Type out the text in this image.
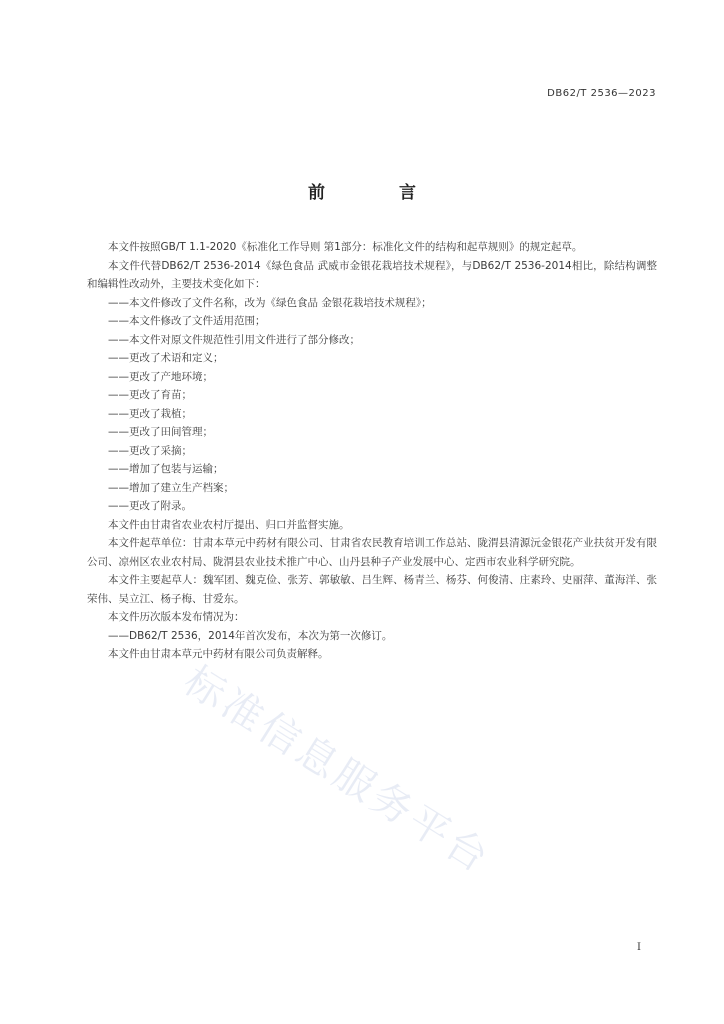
DB62/T 2536—2023
前 言

本文件按照GB/T 1.1-2020《标准化工作导则 第1部分：标准化文件的结构和起草规则》的规定起草。

本文件代替DB62/T 2536-2014《绿色食品 武威市金银花栽培技术规程》，与DB62/T 2536-2014相比，除结构调整和编辑性改动外，主要技术变化如下：

——本文件修改了文件名称，改为《绿色食品 金银花栽培技术规程》；

——本文件修改了文件适用范围；

——本文件对原文件规范性引用文件进行了部分修改；

——更改了术语和定义；

——更改了产地环境；

——更改了育苗；

——更改了栽植；

——更改了田间管理；

——更改了采摘；

——增加了包装与运输；

——增加了建立生产档案；

——更改了附录。

本文件由甘肃省农业农村厅提出、归口并监督实施。

本文件起草单位：甘肃本草元中药材有限公司、甘肃省农民教育培训工作总站、陇渭县清源沅金银花产业扶贫开发有限公司、凉州区农业农村局、陇渭县农业技术推广中心、山丹县种子产业发展中心、定西市农业科学研究院。

本文件主要起草人：魏军团、魏克俭、张芳、郭敏敏、吕生辉、杨青兰、杨芬、何俊清、庄素玲、史丽萍、董海洋、张荣伟、吴立江、杨子梅、甘爱东。

本文件历次版本发布情况为：

——DB62/T 2536，2014年首次发布，本次为第一次修订。

本文件由甘肃本草元中药材有限公司负责解释。

标准信息服务平台
I
